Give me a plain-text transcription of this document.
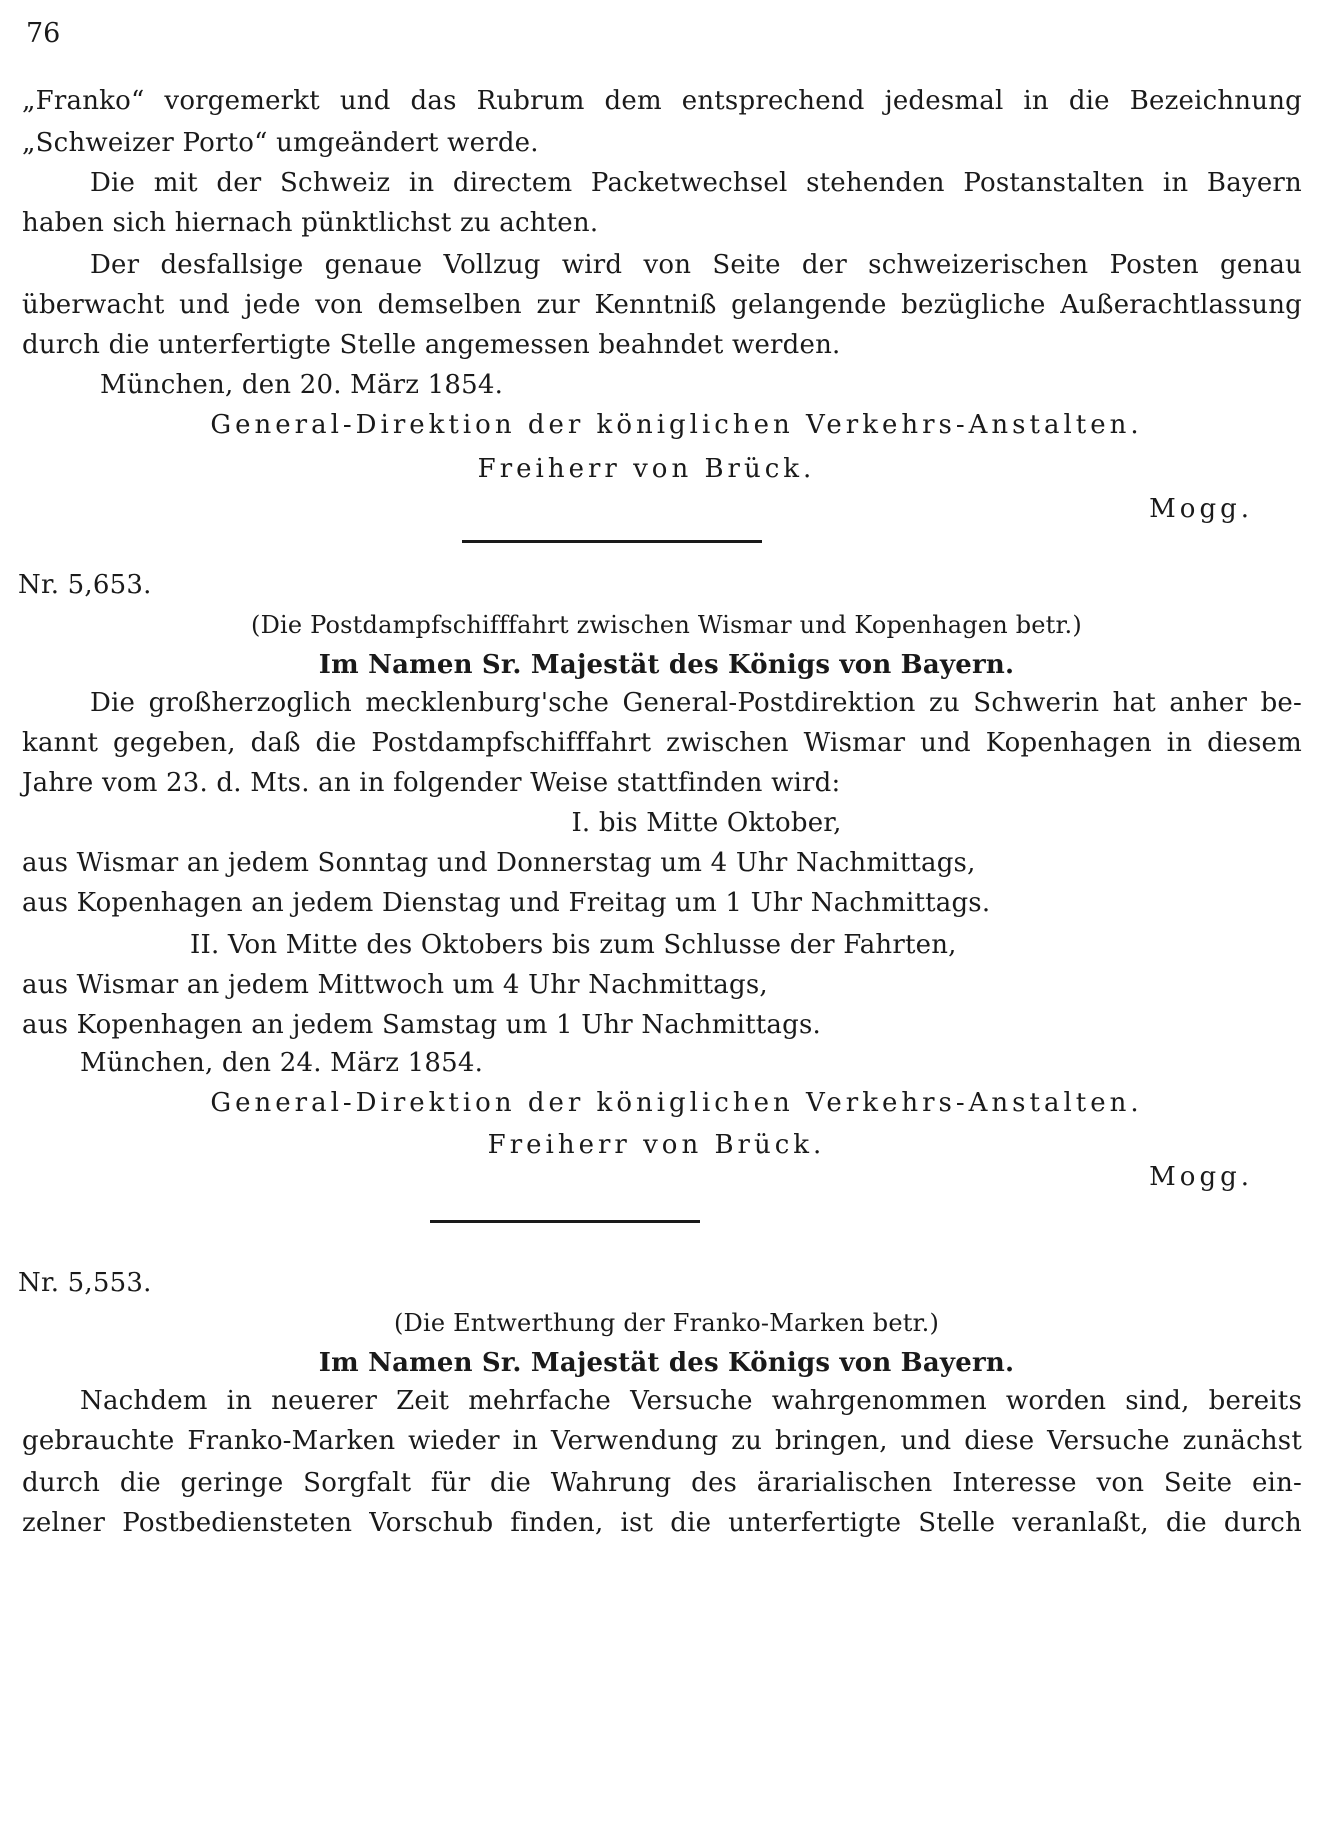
76
„Franko“ vorgemerkt und das Rubrum dem entsprechend jedesmal in die Bezeichnung
„Schweizer Porto“ umgeändert werde.
Die mit der Schweiz in directem Packetwechsel stehenden Postanstalten in Bayern
haben sich hiernach pünktlichst zu achten.
Der desfallsige genaue Vollzug wird von Seite der schweizerischen Posten genau
überwacht und jede von demselben zur Kenntniß gelangende bezügliche Außerachtlassung
durch die unterfertigte Stelle angemessen beahndet werden.
München, den 20. März 1854.
General-Direktion der königlichen Verkehrs-Anstalten.
Freiherr von Brück.
Mogg.
Nr. 5,653.
(Die Postdampfschifffahrt zwischen Wismar und Kopenhagen betr.)
Im Namen Sr. Majestät des Königs von Bayern.
Die großherzoglich mecklenburg'sche General-Postdirektion zu Schwerin hat anher be-
kannt gegeben, daß die Postdampfschifffahrt zwischen Wismar und Kopenhagen in diesem
Jahre vom 23. d. Mts. an in folgender Weise stattfinden wird:
I. bis Mitte Oktober,
aus Wismar an jedem Sonntag und Donnerstag um 4 Uhr Nachmittags,
aus Kopenhagen an jedem Dienstag und Freitag um 1 Uhr Nachmittags.
II. Von Mitte des Oktobers bis zum Schlusse der Fahrten,
aus Wismar an jedem Mittwoch um 4 Uhr Nachmittags,
aus Kopenhagen an jedem Samstag um 1 Uhr Nachmittags.
München, den 24. März 1854.
General-Direktion der königlichen Verkehrs-Anstalten.
Freiherr von Brück.
Mogg.
Nr. 5,553.
(Die Entwerthung der Franko-Marken betr.)
Im Namen Sr. Majestät des Königs von Bayern.
Nachdem in neuerer Zeit mehrfache Versuche wahrgenommen worden sind, bereits
gebrauchte Franko-Marken wieder in Verwendung zu bringen, und diese Versuche zunächst
durch die geringe Sorgfalt für die Wahrung des ärarialischen Interesse von Seite ein-
zelner Postbediensteten Vorschub finden, ist die unterfertigte Stelle veranlaßt, die durch
